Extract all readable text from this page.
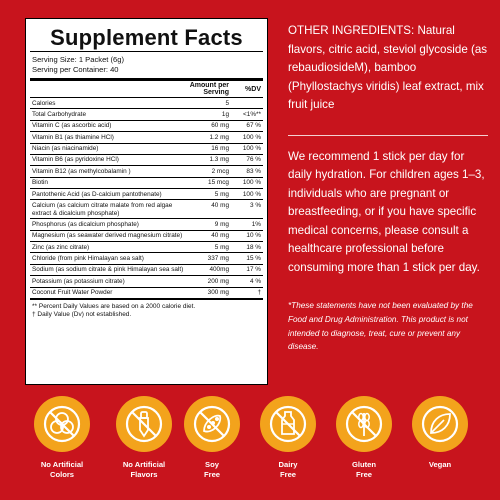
Supplement Facts
Serving Size: 1 Packet (6g)
Serving per Container: 40
Amount per Serving	%DV
Calories	5
Total Carbohydrate	1g	<1%**
Vitamin C (as ascorbic acid)	60 mg	67 %
Vitamin B1 (as thiamine HCl)	1.2 mg	100 %
Niacin (as niacinamide)	16 mg	100 %
Vitamin B6 (as pyridoxine HCl)	1.3 mg	76 %
Vitamin B12 (as methylcobalamin )	2 mcg	83 %
Biotin	15 mcg	100 %
Pantothenic Acid (as D-calcium pantothenate)	5 mg	100 %
Calcium (as calcium citrate malate from red algae extract & dicalcium phosphate)
40 mg	3 %
Phosphorus (as dicalcium phosphate)	9 mg	1%
Magnesium (as seawater derived magnesium citrate)	40 mg	10 %
Zinc (as zinc citrate)	5 mg	18 %
Chloride (from pink Himalayan sea salt)	337 mg	15 %
Sodium (as sodium citrate & pink Himalayan sea salt)	400mg	17 %
Potassium (as potassium citrate)	200 mg	4 %
Coconut Fruit Water Powder	300 mg	†
** Percent Daily Values are based on a 2000 calorie diet.
† Daily Value (Dv) not established.

OTHER INGREDIENTS: Natural flavors, citric acid, steviol glycoside (as rebaudiosideM), bamboo (Phyllostachys viridis) leaf extract, mix fruit juice

We recommend 1 stick per day for daily hydration. For children ages 1–3, individuals who are pregnant or breastfeeding, or if you have specific medical concerns, please consult a healthcare professional before consuming more than 1 stick per day.

*These statements have not been evaluated by the Food and Drug Administration. This product is not intended to diagnose, treat, cure or prevent any disease.

No Artificial
Colors
No Artificial
Flavors
Soy
Free
Dairy
Free
Gluten
Free
Vegan
